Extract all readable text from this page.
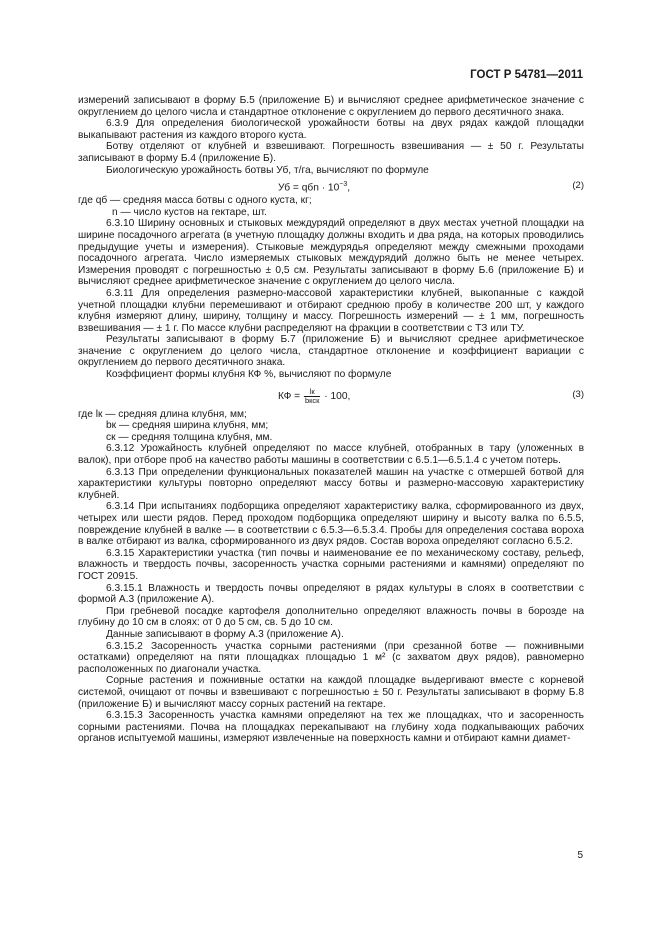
ГОСТ Р 54781—2011

измерений записывают в форму Б.5 (приложение Б) и вычисляют среднее арифметическое значение с округлением до целого числа и стандартное отклонение с округлением до первого десятичного знака.

6.3.9 Для определения биологической урожайности ботвы на двух рядах каждой площадки выкапывают растения из каждого второго куста.

Ботву отделяют от клубней и взвешивают. Погрешность взвешивания — ± 50 г. Результаты записывают в форму Б.4 (приложение Б).

Биологическую урожайность ботвы Уб, т/га, вычисляют по формуле

Уб = qбn · $10^{-3}$,	(2)

где qб — средняя масса ботвы с одного куста, кг;

n — число кустов на гектаре, шт.

6.3.10 Ширину основных и стыковых междурядий определяют в двух местах учетной площадки на ширине посадочного агрегата (в учетную площадку должны входить и два ряда, на которых проводились предыдущие учеты и измерения). Стыковые междурядья определяют между смежными проходами посадочного агрегата. Число измеряемых стыковых междурядий должно быть не менее четырех. Измерения проводят с погрешностью ± 0,5 см. Результаты записывают в форму Б.6 (приложение Б) и вычисляют среднее арифметическое значение с округлением до целого числа.

6.3.11 Для определения размерно-массовой характеристики клубней, выкопанные с каждой учетной площадки клубни перемешивают и отбирают среднюю пробу в количестве 200 шт, у каждого клубня измеряют длину, ширину, толщину и массу. Погрешность измерений — ± 1 мм, погрешность взвешивания — ± 1 г. По массе клубни распределяют на фракции в соответствии с ТЗ или ТУ.

Результаты записывают в форму Б.7 (приложение Б) и вычисляют среднее арифметическое значение с округлением до целого числа, стандартное отклонение и коэффициент вариации с округлением до первого десятичного знака.

Коэффициент формы клубня КФ %, вычисляют по формуле

КФ = $\frac{lк}{\text{bкcк}} \cdot 100$,	(3)

где lк — средняя длина клубня, мм;

bк — средняя ширина клубня, мм;

cк — средняя толщина клубня, мм.

6.3.12 Урожайность клубней определяют по массе клубней, отобранных в тару (уложенных в валок), при отборе проб на качество работы машины в соответствии с 6.5.1—6.5.1.4 с учетом потерь.

6.3.13 При определении функциональных показателей машин на участке с отмершей ботвой для характеристики культуры повторно определяют массу ботвы и размерно-массовую характеристику клубней.

6.3.14 При испытаниях подборщика определяют характеристику валка, сформированного из двух, четырех или шести рядов. Перед проходом подборщика определяют ширину и высоту валка по 6.5.5, повреждение клубней в валке — в соответствии с 6.5.3—6.5.3.4. Пробы для определения состава вороха в валке отбирают из валка, сформированного из двух рядов. Состав вороха определяют согласно 6.5.2.

6.3.15 Характеристики участка (тип почвы и наименование ее по механическому составу, рельеф, влажность и твердость почвы, засоренность участка сорными растениями и камнями) определяют по ГОСТ 20915.

6.3.15.1 Влажность и твердость почвы определяют в рядах культуры в слоях в соответствии с формой А.3 (приложение А).

При гребневой посадке картофеля дополнительно определяют влажность почвы в борозде на глубину до 10 см в слоях: от 0 до 5 см, св. 5 до 10 см.

Данные записывают в форму А.3 (приложение А).

6.3.15.2 Засоренность участка сорными растениями (при срезанной ботве — пожнивными остатками) определяют на пяти площадках площадью 1 м² (с захватом двух рядов), равномерно расположенных по диагонали участка.

Сорные растения и пожнивные остатки на каждой площадке выдергивают вместе с корневой системой, очищают от почвы и взвешивают с погрешностью ± 50 г. Результаты записывают в форму Б.8 (приложение Б) и вычисляют массу сорных растений на гектаре.

6.3.15.3 Засоренность участка камнями определяют на тех же площадках, что и засоренность сорными растениями. Почва на площадках перекапывают на глубину хода подкапывающих рабочих органов испытуемой машины, измеряют извлеченные на поверхность камни и отбирают камни диамет-

5
